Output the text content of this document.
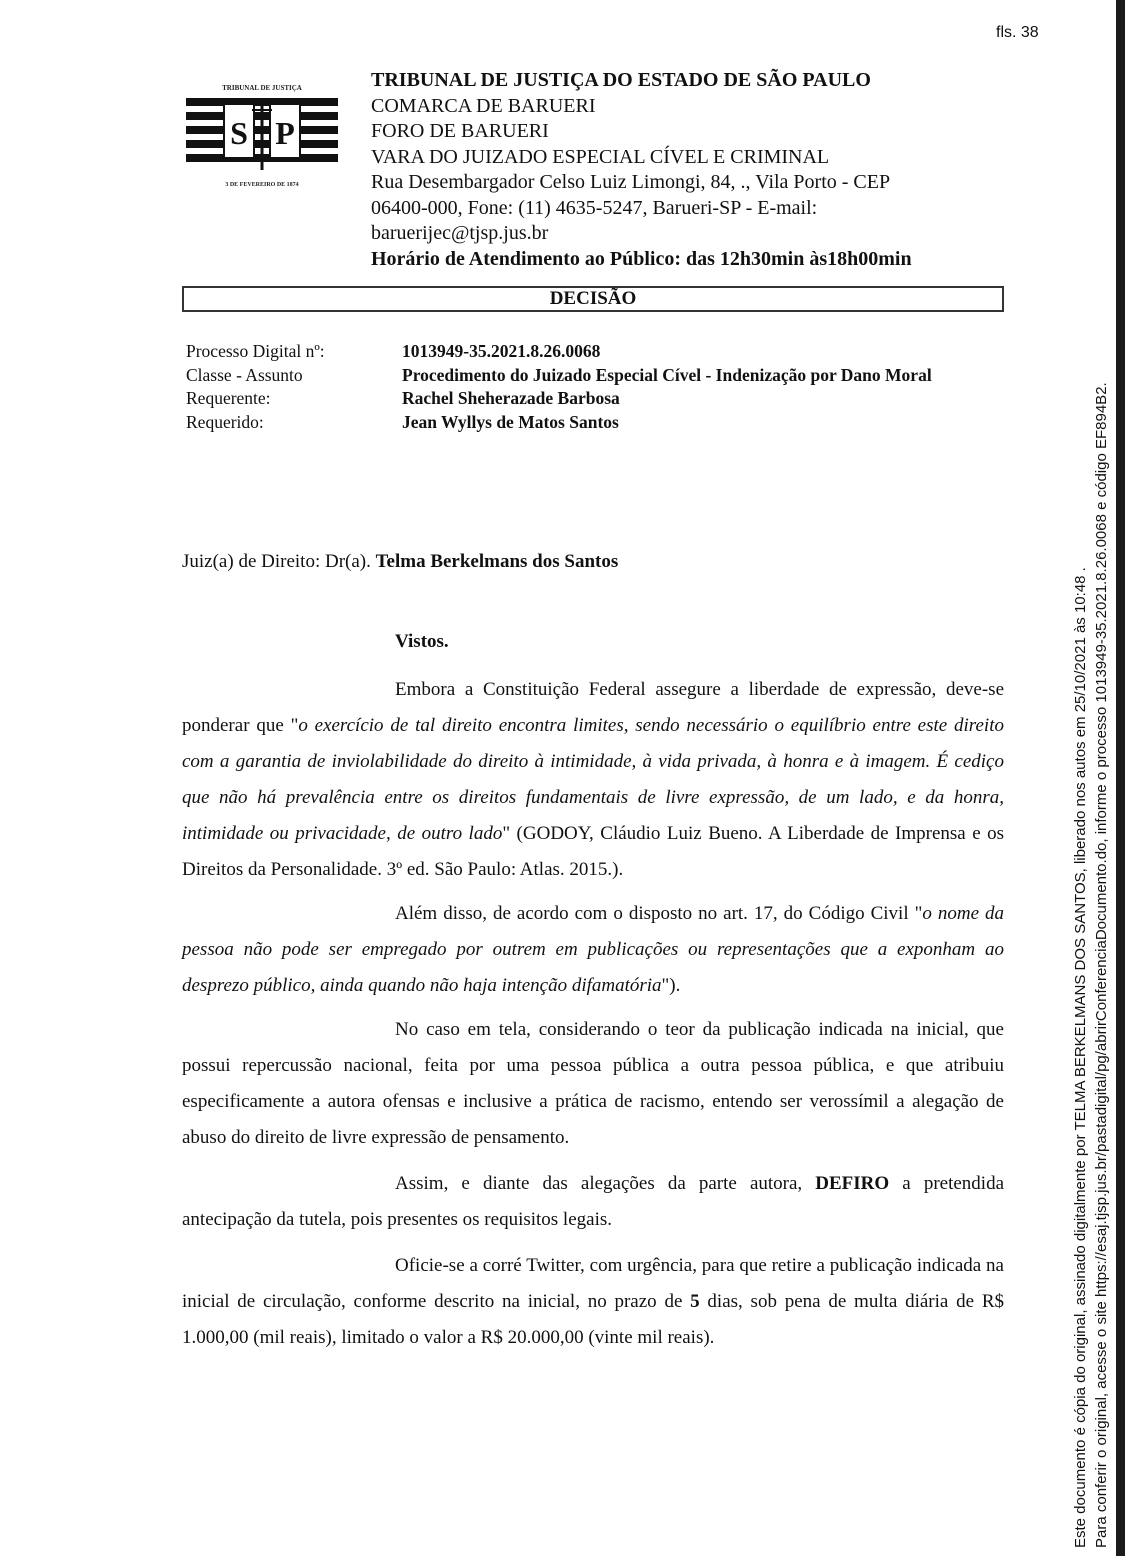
fls. 38
S P
TRIBUNAL DE JUSTIÇA
3 DE FEVEREIRO DE 1874
TRIBUNAL DE JUSTIÇA DO ESTADO DE SÃO PAULO
COMARCA DE BARUERI
FORO DE BARUERI
VARA DO JUIZADO ESPECIAL CÍVEL E CRIMINAL
Rua Desembargador Celso Luiz Limongi, 84, ., Vila Porto - CEP
06400-000, Fone: (11) 4635-5247, Barueri-SP - E-mail:
baruerijec@tjsp.jus.br
Horário de Atendimento ao Público: das 12h30min às18h00min
DECISÃO
Processo Digital nº:	1013949-35.2021.8.26.0068
Classe - Assunto	Procedimento do Juizado Especial Cível - Indenização por Dano Moral
Requerente:	Rachel Sheherazade Barbosa
Requerido:	Jean Wyllys de Matos Santos
Juiz(a) de Direito: Dr(a). Telma Berkelmans dos Santos
Vistos.
Embora a Constituição Federal assegure a liberdade de expressão, deve-se ponderar que "o exercício de tal direito encontra limites, sendo necessário o equilíbrio entre este direito com a garantia de inviolabilidade do direito à intimidade, à vida privada, à honra e à imagem. É cediço que não há prevalência entre os direitos fundamentais de livre expressão, de um lado, e da honra, intimidade ou privacidade, de outro lado" (GODOY, Cláudio Luiz Bueno. A Liberdade de Imprensa e os Direitos da Personalidade. 3º ed. São Paulo: Atlas. 2015.).
Além disso, de acordo com o disposto no art. 17, do Código Civil "o nome da pessoa não pode ser empregado por outrem em publicações ou representações que a exponham ao desprezo público, ainda quando não haja intenção difamatória").
No caso em tela, considerando o teor da publicação indicada na inicial, que possui repercussão nacional, feita por uma pessoa pública a outra pessoa pública, e que atribuiu especificamente a autora ofensas e inclusive a prática de racismo, entendo ser verossímil a alegação de abuso do direito de livre expressão de pensamento.
Assim, e diante das alegações da parte autora, DEFIRO a pretendida antecipação da tutela, pois presentes os requisitos legais.
Oficie-se a corré Twitter, com urgência, para que retire a publicação indicada na inicial de circulação, conforme descrito na inicial, no prazo de 5 dias, sob pena de multa diária de R$ 1.000,00 (mil reais), limitado o valor a R$ 20.000,00 (vinte mil reais).	Este documento é cópia do original, assinado digitalmente por TELMA BERKELMANS DOS SANTOS, liberado nos autos em 25/10/2021 às 10:48 . Para conferir o original, acesse o site https://esaj.tjsp.jus.br/pastadigital/pg/abrirConferenciaDocumento.do, informe o processo 1013949-35.2021.8.26.0068 e código EF894B2.
